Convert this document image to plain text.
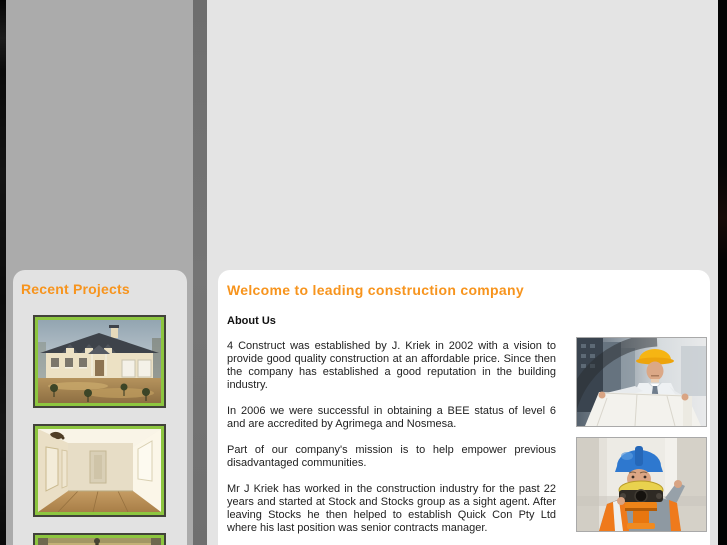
Recent Projects	Welcome to leading construction company
About Us

4 Construct was established by J. Kriek in 2002 with a vision to provide good quality construction at an affordable price. Since then the company has established a good reputation in the building industry.

In 2006 we were successful in obtaining a BEE status of level 6 and are accredited by Agrimega and Nosmesa.

Part of our company's mission is to help empower previous disadvantaged communities.

Mr J Kriek has worked in the construction industry for the past 22 years and started at Stock and Stocks group as a sight agent. After leaving Stocks he then helped to establish Quick Con Pty Ltd where his last position was senior contracts manager.
